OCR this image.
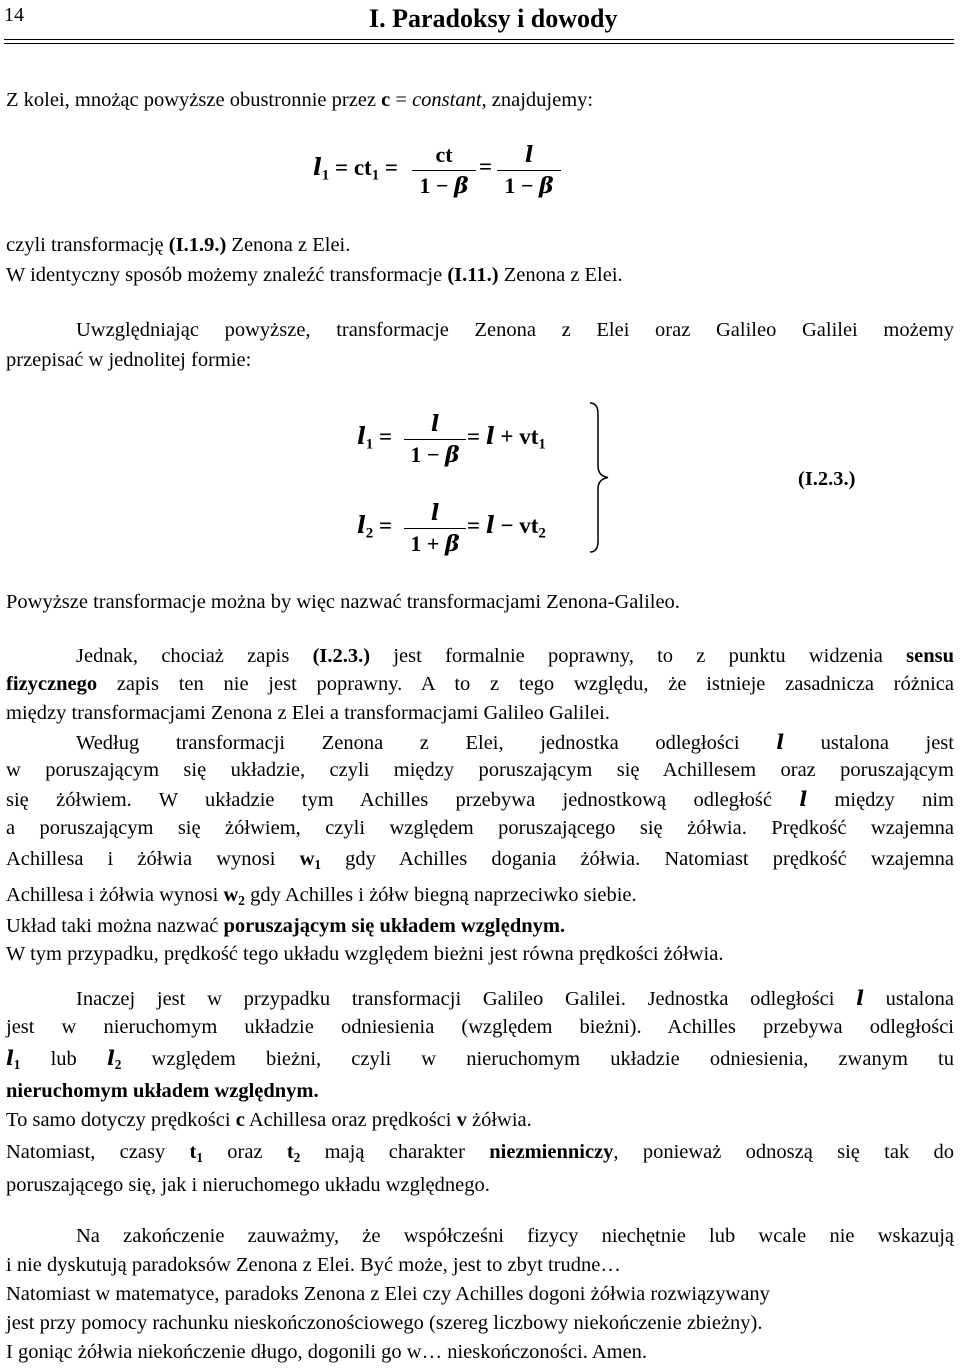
14	I. Paradoksy i dowody
Z kolei, mnożąc powyższe obustronnie przez c = constant, znajdujemy:
$l_1 = ct_1 = \frac{ct}{1 - \beta} = \frac{l}{1 - \beta}$
czyli transformację (I.1.9.) Zenona z Elei.
W identyczny sposób możemy znaleźć transformacje (I.11.) Zenona z Elei.
Uwzględniając powyższe, transformacje Zenona z Elei oraz Galileo Galilei możemy
przepisać w jednolitej formie:
$l_1 = \frac{l}{1 - \beta} = l + vt_1$
$l_2 = \frac{l}{1 + \beta} = l - vt_2$
(I.2.3.)
Powyższe transformacje można by więc nazwać transformacjami Zenona-Galileo.
Jednak, chociaż zapis (I.2.3.) jest formalnie poprawny, to z punktu widzenia sensu
fizycznego zapis ten nie jest poprawny. A to z tego względu, że istnieje zasadnicza różnica
między transformacjami Zenona z Elei a transformacjami Galileo Galilei.
Według transformacji Zenona z Elei, jednostka odległości l ustalona jest
w poruszającym się układzie, czyli między poruszającym się Achillesem oraz poruszającym
się żółwiem. W układzie tym Achilles przebywa jednostkową odległość l między nim
a poruszającym się żółwiem, czyli względem poruszającego się żółwia. Prędkość wzajemna
Achillesa i żółwia wynosi $w_1$ gdy Achilles dogania żółwia. Natomiast prędkość wzajemna
Achillesa i żółwia wynosi $w_2$ gdy Achilles i żółw biegną naprzeciwko siebie.
Układ taki można nazwać poruszającym się układem względnym.
W tym przypadku, prędkość tego układu względem bieżni jest równa prędkości żółwia.
Inaczej jest w przypadku transformacji Galileo Galilei. Jednostka odległości l ustalona
jest w nieruchomym układzie odniesienia (względem bieżni). Achilles przebywa odległości
$l_1$ lub $l_2$ względem bieżni, czyli w nieruchomym układzie odniesienia, zwanym tu
nieruchomym układem względnym.
To samo dotyczy prędkości c Achillesa oraz prędkości v żółwia.
Natomiast, czasy $t_1$ oraz $t_2$ mają charakter niezmienniczy, ponieważ odnoszą się tak do
poruszającego się, jak i nieruchomego układu względnego.
Na zakończenie zauważmy, że współcześni fizycy niechętnie lub wcale nie wskazują
i nie dyskutują paradoksów Zenona z Elei. Być może, jest to zbyt trudne…
Natomiast w matematyce, paradoks Zenona z Elei czy Achilles dogoni żółwia rozwiązywany
jest przy pomocy rachunku nieskończonościowego (szereg liczbowy niekończenie zbieżny).
I goniąc żółwia niekończenie długo, dogonili go w… nieskończoności. Amen.
